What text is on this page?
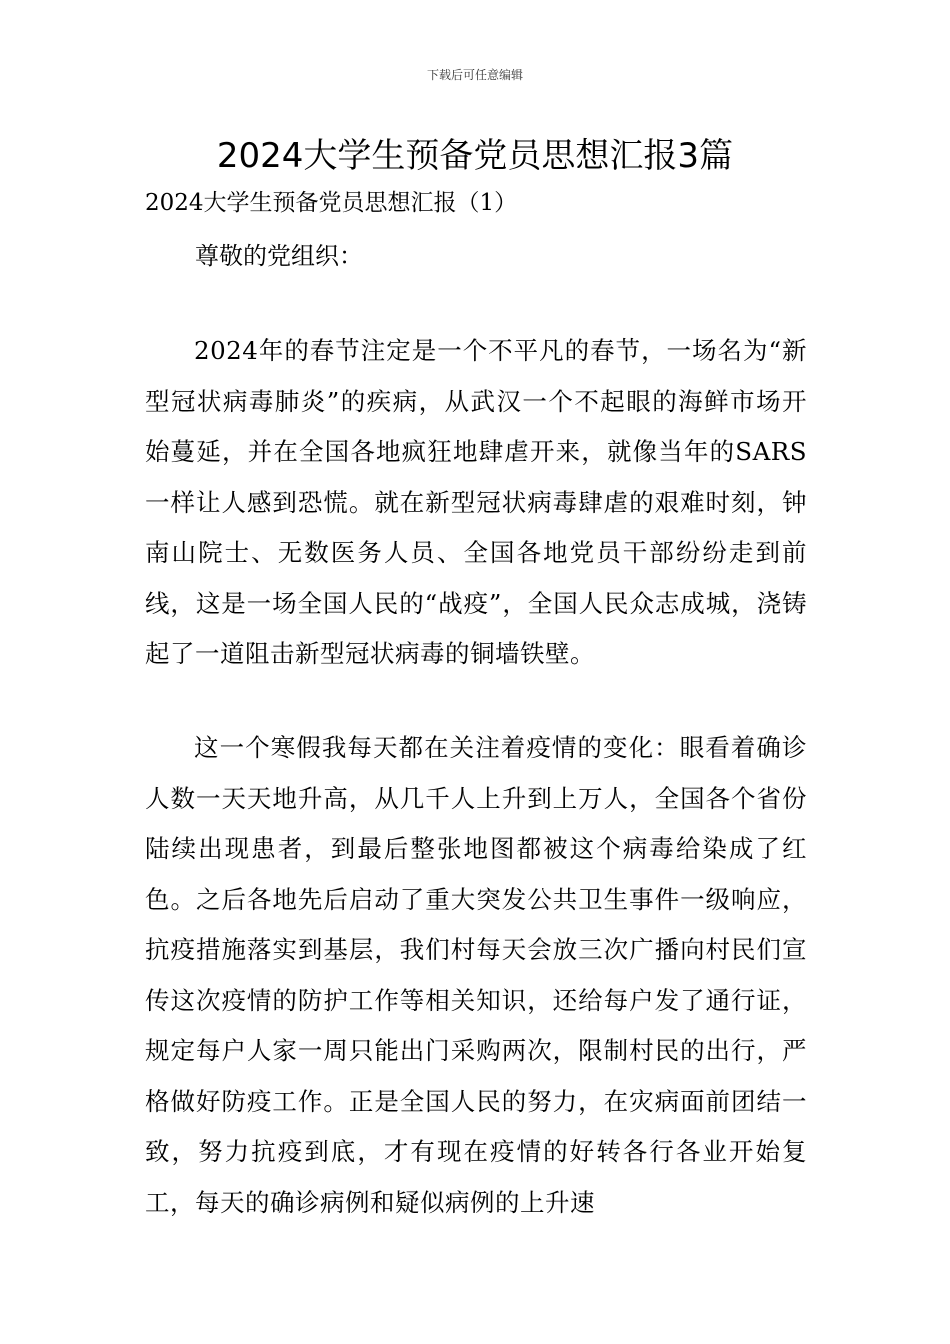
下载后可任意编辑
2024大学生预备党员思想汇报3篇
2024大学生预备党员思想汇报（1）
尊敬的党组织：

2024年的春节注定是一个不平凡的春节，一场名为“新型冠状病毒肺炎”的疾病，从武汉一个不起眼的海鲜市场开始蔓延，并在全国各地疯狂地肆虐开来，就像当年的SARS一样让人感到恐慌。就在新型冠状病毒肆虐的艰难时刻，钟南山院士、无数医务人员、全国各地党员干部纷纷走到前线，这是一场全国人民的“战疫”，全国人民众志成城，浇铸起了一道阻击新型冠状病毒的铜墙铁壁。

这一个寒假我每天都在关注着疫情的变化：眼看着确诊人数一天天地升高，从几千人上升到上万人，全国各个省份陆续出现患者，到最后整张地图都被这个病毒给染成了红色。之后各地先后启动了重大突发公共卫生事件一级响应，抗疫措施落实到基层，我们村每天会放三次广播向村民们宣传这次疫情的防护工作等相关知识，还给每户发了通行证，规定每户人家一周只能出门采购两次，限制村民的出行，严格做好防疫工作。正是全国人民的努力，在灾病面前团结一致，努力抗疫到底，才有现在疫情的好转各行各业开始复工，每天的确诊病例和疑似病例的上升速
